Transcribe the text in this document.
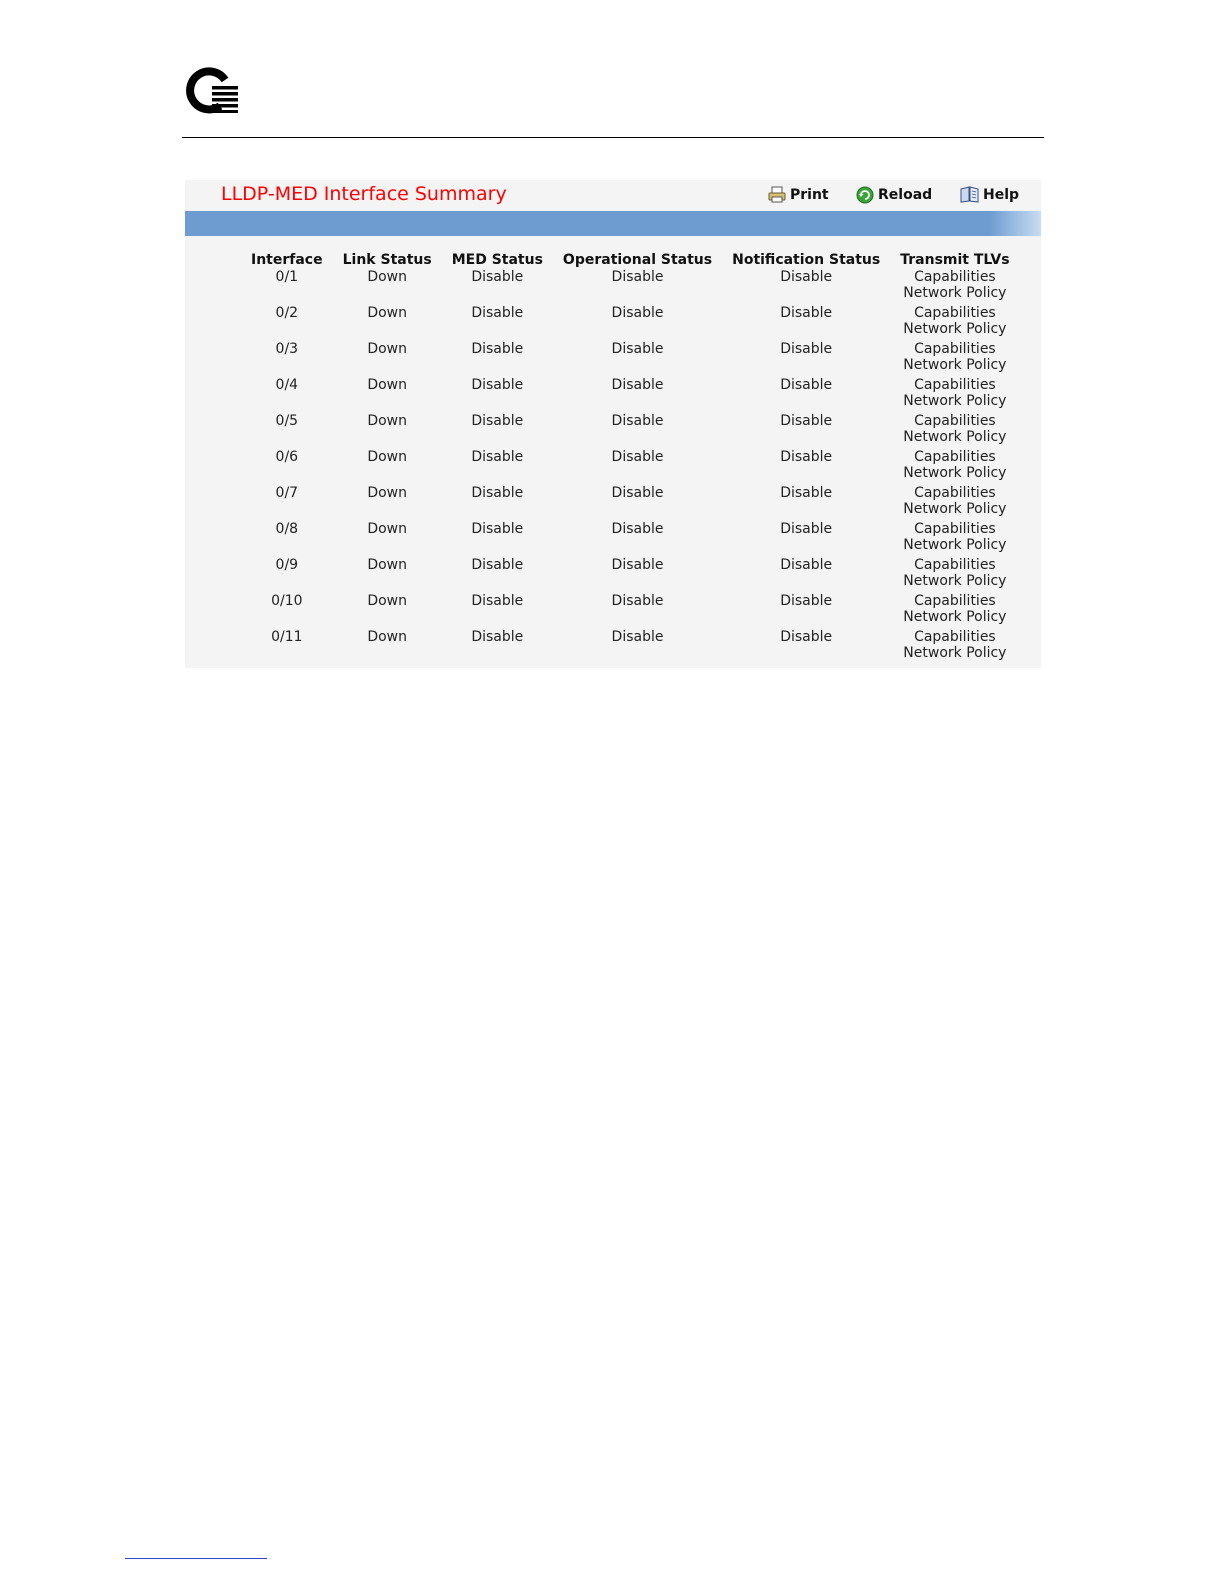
LLDP-MED Interface Summary	Print	Reload	Help
Interface	Link Status	MED Status	Operational Status	Notification Status	Transmit TLVs
0/1	Down	Disable	Disable	Disable	Capabilities
Network Policy

0/2	Down	Disable	Disable	Disable	Capabilities
Network Policy

0/3	Down	Disable	Disable	Disable	Capabilities
Network Policy

0/4	Down	Disable	Disable	Disable	Capabilities
Network Policy

0/5	Down	Disable	Disable	Disable	Capabilities
Network Policy

0/6	Down	Disable	Disable	Disable	Capabilities
Network Policy

0/7	Down	Disable	Disable	Disable	Capabilities
Network Policy

0/8	Down	Disable	Disable	Disable	Capabilities
Network Policy

0/9	Down	Disable	Disable	Disable	Capabilities
Network Policy

0/10	Down	Disable	Disable	Disable	Capabilities
Network Policy

0/11	Down	Disable	Disable	Disable	Capabilities
Network Policy
